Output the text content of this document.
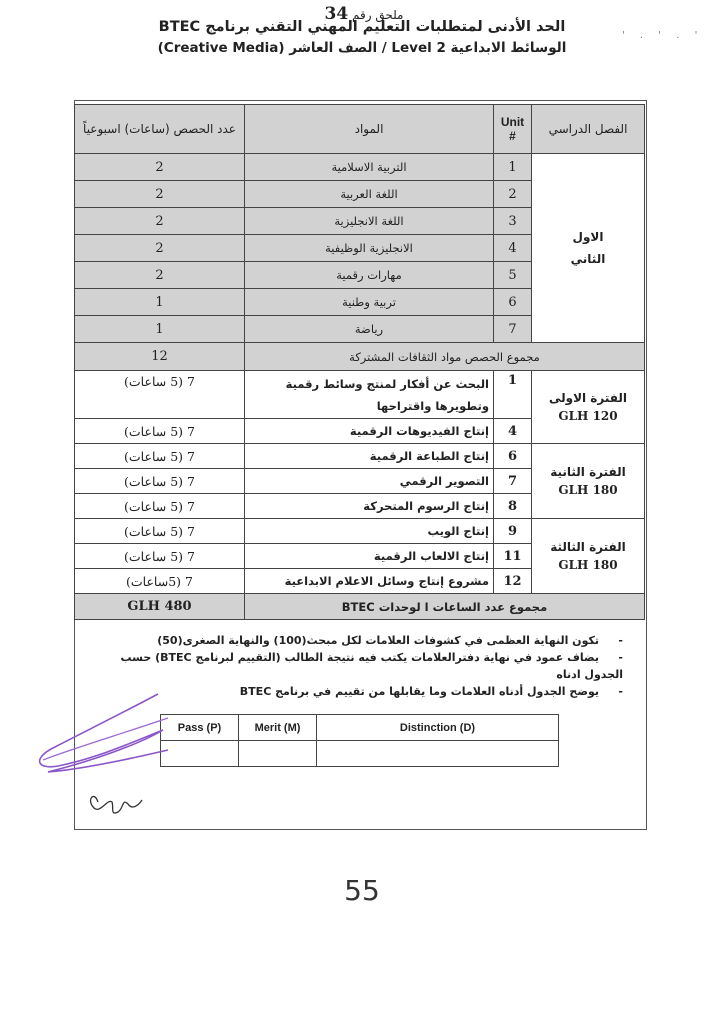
ملحق رقم 34
الحد الأدنى لمتطلبات التعليم المهني التقني برنامج BTEC
الوسائط الابداعية Level 2 / الصف العاشر (Creative Media)
' . ' . '
الفصل الدراسي	Unit #	المواد	عدد الحصص (ساعات) اسبوعياً

الاول الثاني	1	التربية الاسلامية	2
	2	اللغة العربية	2
	3	اللغة الانجليزية	2
	4	الانجليزية الوظيفية	2
	5	مهارات رقمية	2
	6	تربية وطنية	1
	7	رياضة	1
مجموع الحصص مواد الثقافات المشتركة			12

الفترة الاولى
120 GLH	1	البحث عن أفكار لمنتج وسائط رقمية وتطويرها واقتراحها	7 (5 ساعات)
	4	إنتاج الفيديوهات الرقمية	7 (5 ساعات)

الفترة الثانية
180 GLH	6	إنتاج الطباعة الرقمية	7 (5 ساعات)
	7	التصوير الرقمي	7 (5 ساعات)
	8	إنتاج الرسوم المتحركة	7 (5 ساعات)

الفترة الثالثة
180 GLH	9	إنتاج الويب	7 (5 ساعات)
	11	إنتاج الالعاب الرقمية	7 (5 ساعات)
	12	مشروع إنتاج وسائل الاعلام الابداعية	7 (5ساعات)
مجموع عدد الساعات ا لوحدات BTEC			480 GLH
- تكون النهاية العظمى في كشوفات العلامات لكل مبحث(100) والنهاية الصغرى(50)
- يضاف عمود في نهاية دفترالعلامات يكتب فيه نتيجة الطالب (التقييم لبرنامج BTEC) حسب الجدول ادناه
- يوضح الجدول أدناه العلامات وما يقابلها من تقييم في برنامج BTEC
Pass (P)	Merit (M)	Distinction (D)

55
